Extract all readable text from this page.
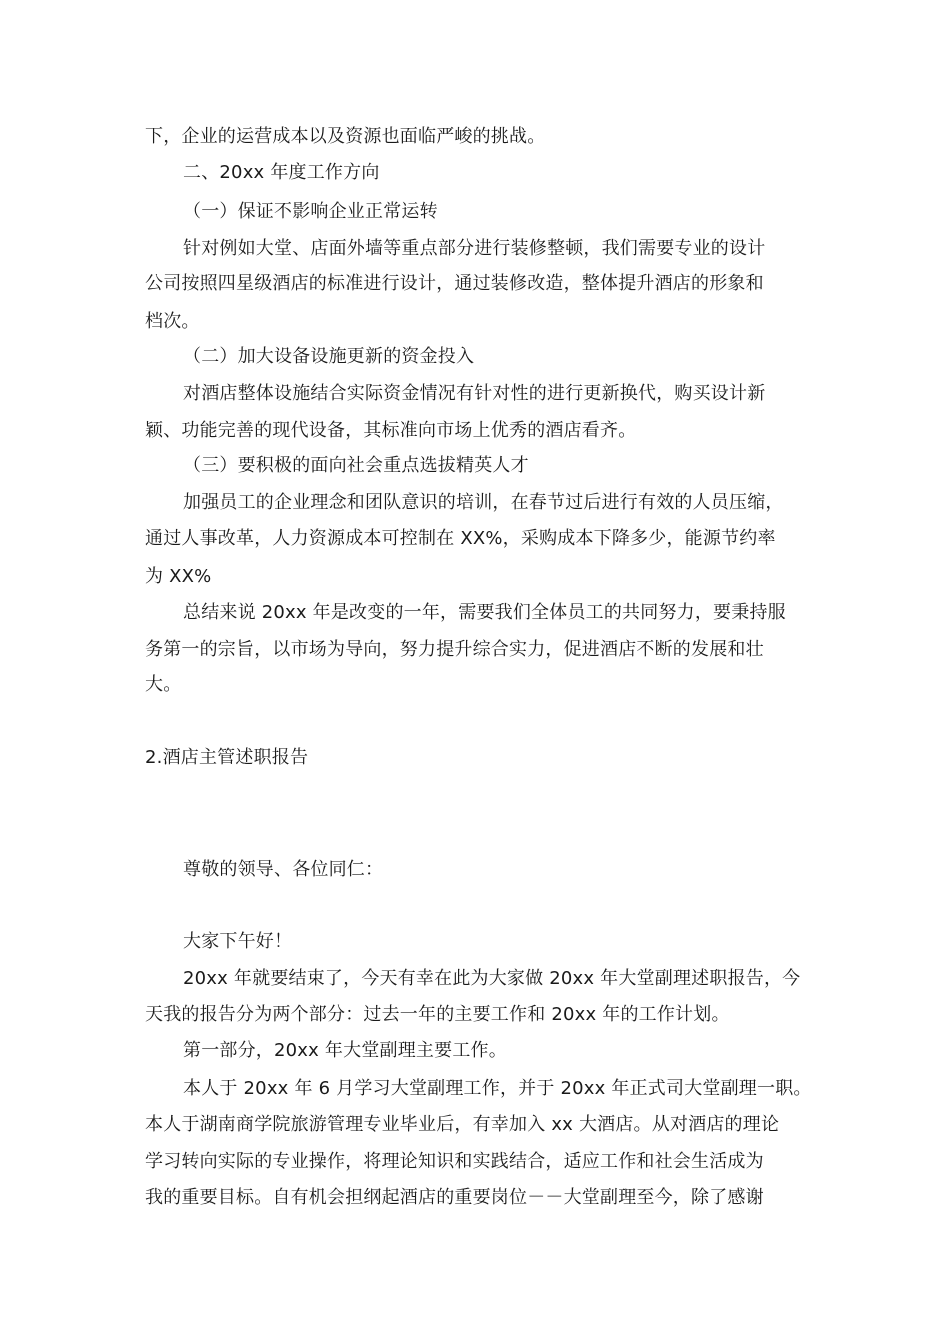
下，企业的运营成本以及资源也面临严峻的挑战。
二、20xx 年度工作方向
（一）保证不影响企业正常运转
针对例如大堂、店面外墙等重点部分进行装修整顿，我们需要专业的设计
公司按照四星级酒店的标准进行设计，通过装修改造，整体提升酒店的形象和
档次。
（二）加大设备设施更新的资金投入
对酒店整体设施结合实际资金情况有针对性的进行更新换代，购买设计新
颖、功能完善的现代设备，其标准向市场上优秀的酒店看齐。
（三）要积极的面向社会重点选拔精英人才
加强员工的企业理念和团队意识的培训，在春节过后进行有效的人员压缩，
通过人事改革，人力资源成本可控制在 XX%，采购成本下降多少，能源节约率
为 XX%
总结来说 20xx 年是改变的一年，需要我们全体员工的共同努力，要秉持服
务第一的宗旨，以市场为导向，努力提升综合实力，促进酒店不断的发展和壮
大。
2.酒店主管述职报告
尊敬的领导、各位同仁：
大家下午好！
20xx 年就要结束了，今天有幸在此为大家做 20xx 年大堂副理述职报告，今
天我的报告分为两个部分：过去一年的主要工作和 20xx 年的工作计划。
第一部分，20xx 年大堂副理主要工作。
本人于 20xx 年 6 月学习大堂副理工作，并于 20xx 年正式司大堂副理一职。
本人于湖南商学院旅游管理专业毕业后，有幸加入 xx 大酒店。从对酒店的理论
学习转向实际的专业操作，将理论知识和实践结合，适应工作和社会生活成为
我的重要目标。自有机会担纲起酒店的重要岗位－－大堂副理至今，除了感谢
